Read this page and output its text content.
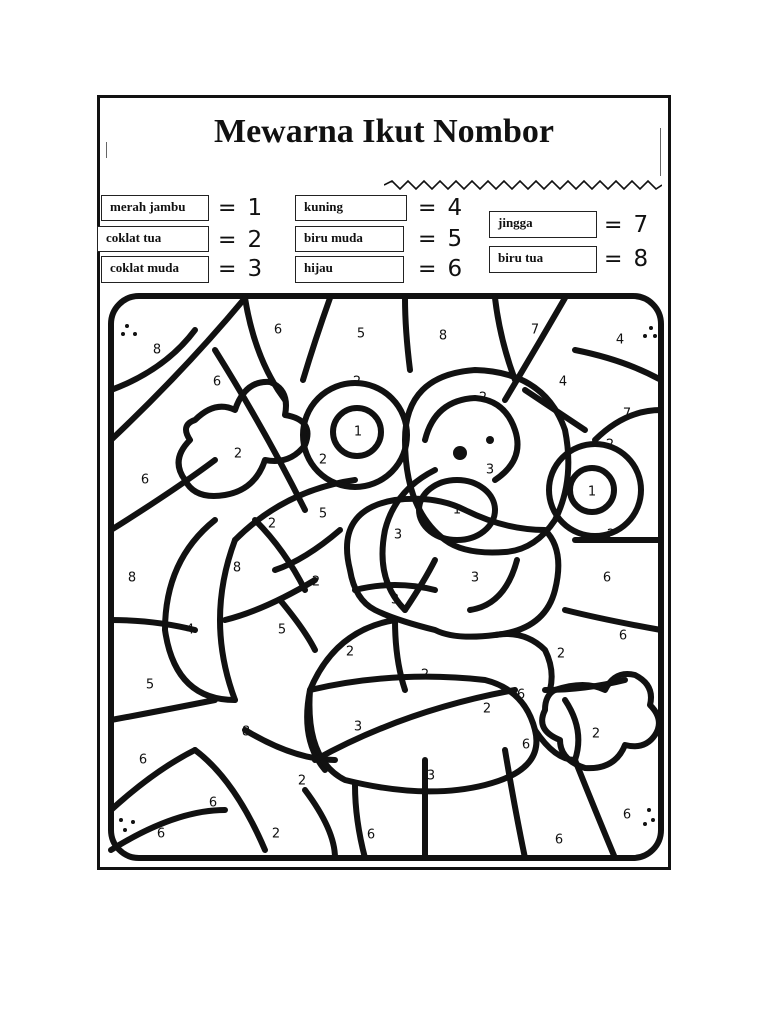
Mewarna Ikut Nombor
merah jambu	= 1
coklat tua	= 2
coklat muda	= 3
kuning	= 4
biru muda	= 5
hijau	= 6
jingga	= 7
biru tua	= 8
6	5	8	7
4
8
6	2	4
2
7
2
1
3
1
2	2
2
6
5	1
2
3
8
8
3
2
3
6
6
4	5
2	2
6
5
2
8	3
6
2
6
3
2
6
6
2
6	2	6	6
